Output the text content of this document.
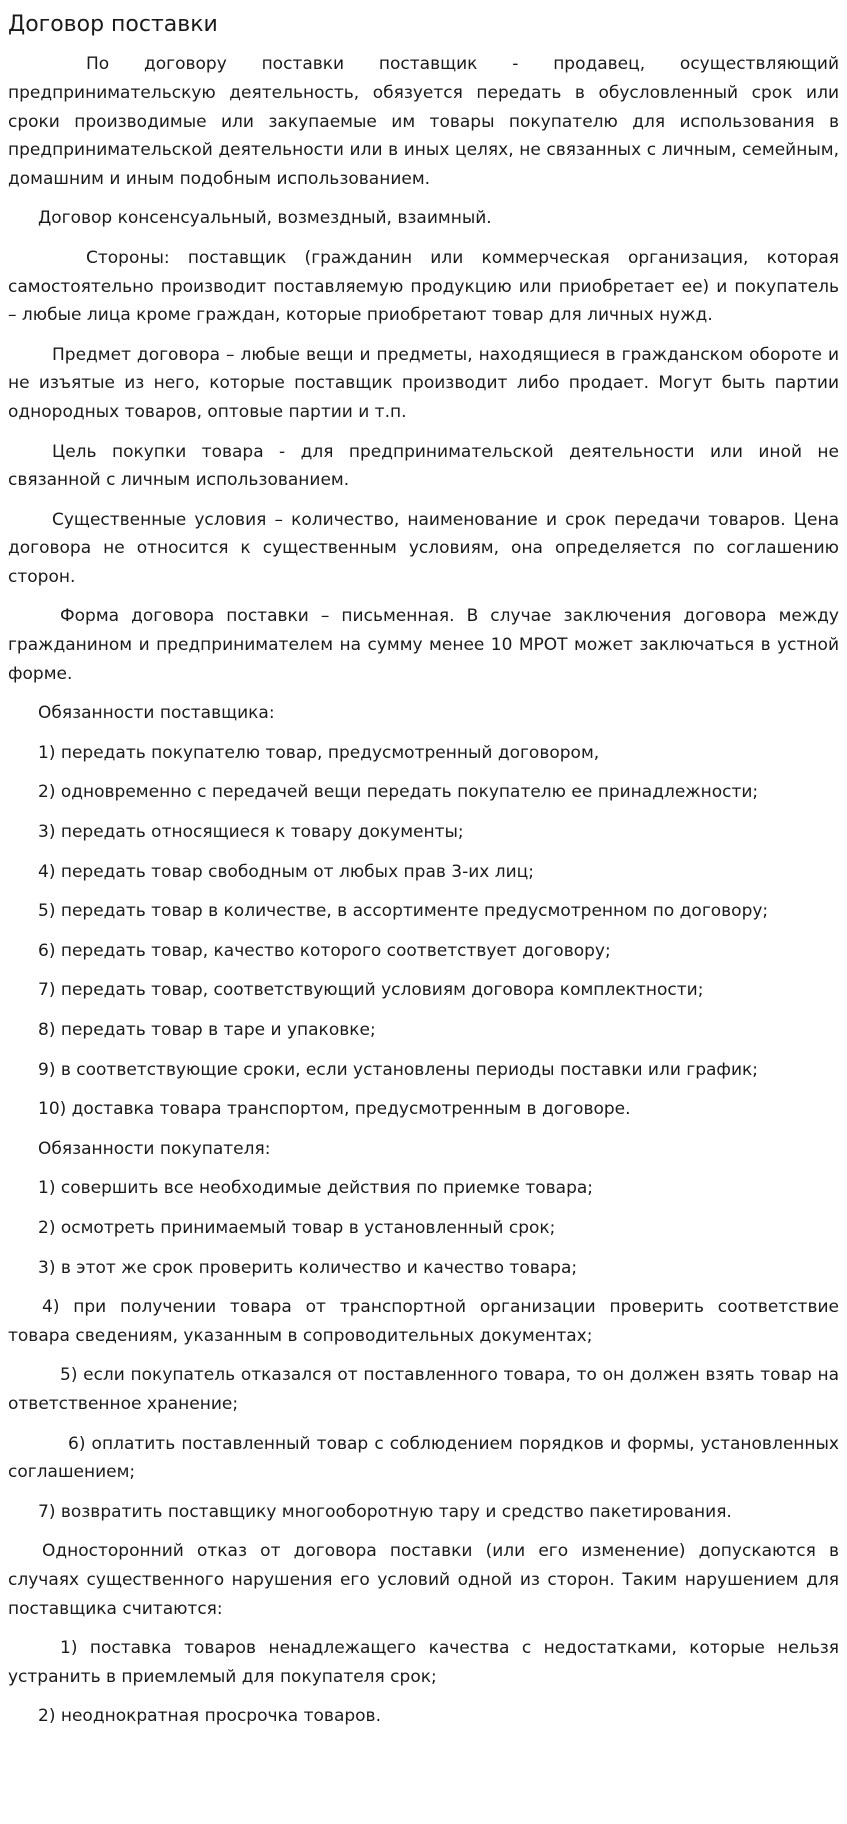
Договор поставки

По договору поставки поставщик - продавец, осуществляющий предпринимательскую деятельность, обязуется передать в обусловленный срок или сроки производимые или закупаемые им товары покупателю для использования в предпринимательской деятельности или в иных целях, не связанных с личным, семейным, домашним и иным подобным использованием.

Договор консенсуальный, возмездный, взаимный.

Стороны: поставщик (гражданин или коммерческая организация, которая самостоятельно производит поставляемую продукцию или приобретает ее) и покупатель – любые лица кроме граждан, которые приобретают товар для личных нужд.

Предмет договора – любые вещи и предметы, находящиеся в гражданском обороте и не изъятые из него, которые поставщик производит либо продает. Могут быть партии однородных товаров, оптовые партии и т.п.

Цель покупки товара - для предпринимательской деятельности или иной не связанной с личным использованием.

Существенные условия – количество, наименование и срок передачи товаров. Цена договора не относится к существенным условиям, она определяется по соглашению сторон.

Форма договора поставки – письменная. В случае заключения договора между гражданином и предпринимателем на сумму менее 10 МРОТ может заключаться в устной форме.

Обязанности поставщика:

1) передать покупателю товар, предусмотренный договором,

2) одновременно с передачей вещи передать покупателю ее принадлежности;

3) передать относящиеся к товару документы;

4) передать товар свободным от любых прав 3-их лиц;

5) передать товар в количестве, в ассортименте предусмотренном по договору;

6) передать товар, качество которого соответствует договору;

7) передать товар, соответствующий условиям договора комплектности;

8) передать товар в таре и упаковке;

9) в соответствующие сроки, если установлены периоды поставки или график;

10) доставка товара транспортом, предусмотренным в договоре.

Обязанности покупателя:

1) совершить все необходимые действия по приемке товара;

2) осмотреть принимаемый товар в установленный срок;

3) в этот же срок проверить количество и качество товара;

4) при получении товара от транспортной организации проверить соответствие товара сведениям, указанным в сопроводительных документах;

5) если покупатель отказался от поставленного товара, то он должен взять товар на ответственное хранение;

6) оплатить поставленный товар с соблюдением порядков и формы, установленных соглашением;

7) возвратить поставщику многооборотную тару и средство пакетирования.

Односторонний отказ от договора поставки (или его изменение) допускаются в случаях существенного нарушения его условий одной из сторон. Таким нарушением для поставщика считаются:

1) поставка товаров ненадлежащего качества с недостатками, которые нельзя устранить в приемлемый для покупателя срок;

2) неоднократная просрочка товаров.
